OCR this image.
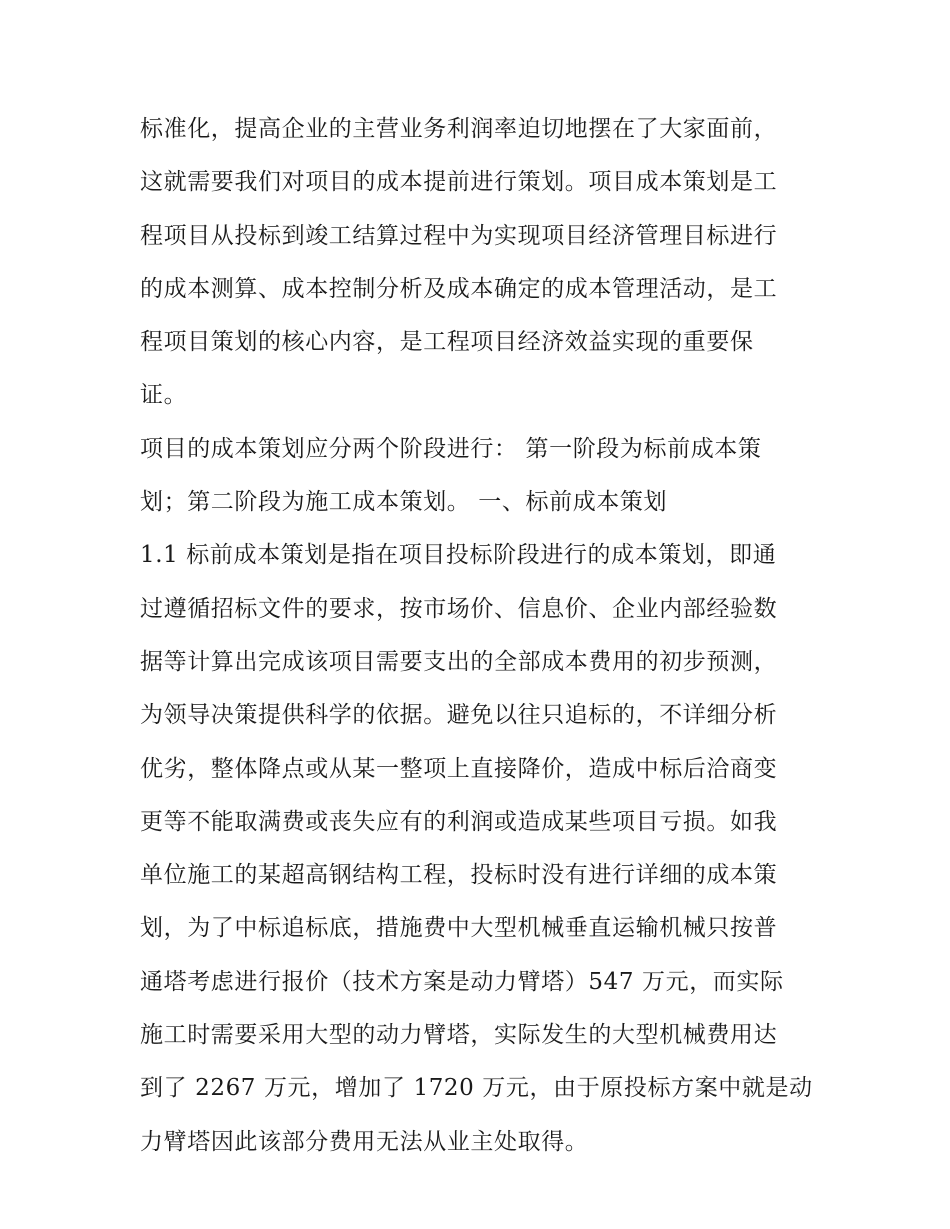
标准化，提高企业的主营业务利润率迫切地摆在了大家面前，
这就需要我们对项目的成本提前进行策划。项目成本策划是工
程项目从投标到竣工结算过程中为实现项目经济管理目标进行
的成本测算、成本控制分析及成本确定的成本管理活动，是工
程项目策划的核心内容，是工程项目经济效益实现的重要保
证。
项目的成本策划应分两个阶段进行： 第一阶段为标前成本策
划；第二阶段为施工成本策划。 一、标前成本策划
1.1 标前成本策划是指在项目投标阶段进行的成本策划，即通
过遵循招标文件的要求，按市场价、信息价、企业内部经验数
据等计算出完成该项目需要支出的全部成本费用的初步预测，
为领导决策提供科学的依据。避免以往只追标的，不详细分析
优劣，整体降点或从某一整项上直接降价，造成中标后洽商变
更等不能取满费或丧失应有的利润或造成某些项目亏损。如我
单位施工的某超高钢结构工程，投标时没有进行详细的成本策
划，为了中标追标底，措施费中大型机械垂直运输机械只按普
通塔考虑进行报价（技术方案是动力臂塔）547 万元，而实际
施工时需要采用大型的动力臂塔，实际发生的大型机械费用达
到了 2267 万元，增加了 1720 万元，由于原投标方案中就是动
力臂塔因此该部分费用无法从业主处取得。
